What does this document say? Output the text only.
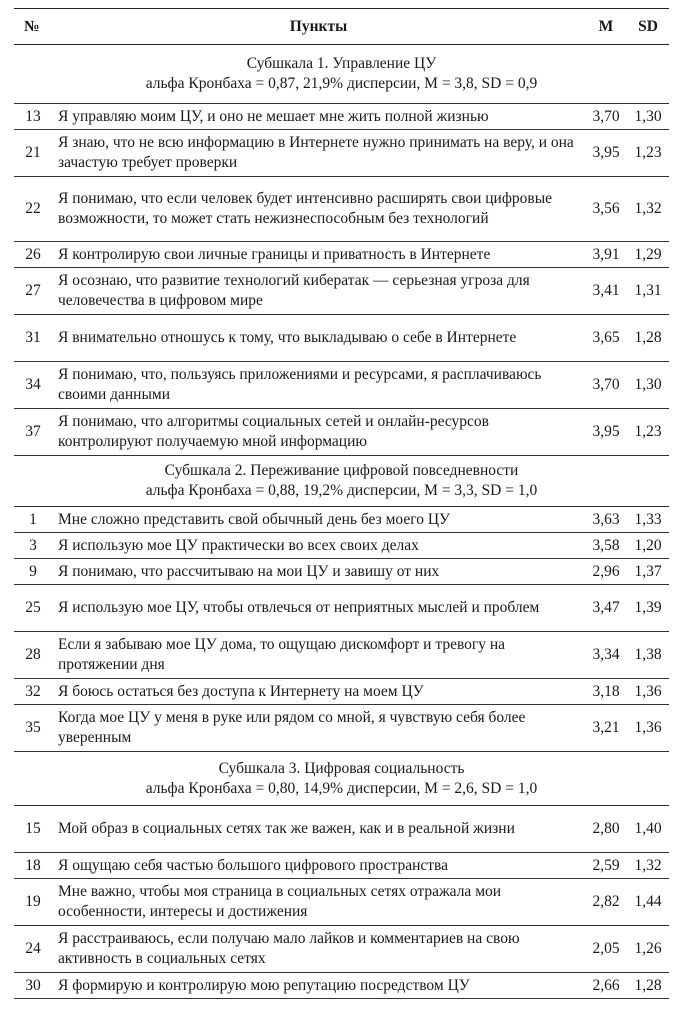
№	Пункты	M	SD

Субшкала 1. Управление ЦУ
альфа Кронбаха = 0,87, 21,9% дисперсии, M = 3,8, SD = 0,9			

13	Я управляю моим ЦУ, и оно не мешает мне жить полной жизнью	3,70	1,30
21	Я знаю, что не всю информацию в Интернете нужно принимать на веру, и она зачастую требует проверки	3,95	1,23
22	Я понимаю, что если человек будет интенсивно расширять свои цифровые возможности, то может стать нежизнеспособным без технологий	3,56	1,32
26	Я контролирую свои личные границы и приватность в Интернете	3,91	1,29
27	Я осознаю, что развитие технологий кибератак — серьезная угроза для человечества в цифровом мире	3,41	1,31
31	Я внимательно отношусь к тому, что выкладываю о себе в Интернете	3,65	1,28
34	Я понимаю, что, пользуясь приложениями и ресурсами, я расплачиваюсь своими данными	3,70	1,30
37	Я понимаю, что алгоритмы социальных сетей и онлайн-ресурсов контролируют получаемую мной информацию	3,95	1,23

Субшкала 2. Переживание цифровой повседневности
альфа Кронбаха = 0,88, 19,2% дисперсии, M = 3,3, SD = 1,0			

1	Мне сложно представить свой обычный день без моего ЦУ	3,63	1,33
3	Я использую мое ЦУ практически во всех своих делах	3,58	1,20
9	Я понимаю, что рассчитываю на мои ЦУ и завишу от них	2,96	1,37
25	Я использую мое ЦУ, чтобы отвлечься от неприятных мыслей и проблем	3,47	1,39
28	Если я забываю мое ЦУ дома, то ощущаю дискомфорт и тревогу на протяжении дня	3,34	1,38
32	Я боюсь остаться без доступа к Интернету на моем ЦУ	3,18	1,36
35	Когда мое ЦУ у меня в руке или рядом со мной, я чувствую себя более уверенным	3,21	1,36

Субшкала 3. Цифровая социальность
альфа Кронбаха = 0,80, 14,9% дисперсии, M = 2,6, SD = 1,0			

15	Мой образ в социальных сетях так же важен, как и в реальной жизни	2,80	1,40
18	Я ощущаю себя частью большого цифрового пространства	2,59	1,32
19	Мне важно, чтобы моя страница в социальных сетях отражала мои особенности, интересы и достижения	2,82	1,44
24	Я расстраиваюсь, если получаю мало лайков и комментариев на свою активность в социальных сетях	2,05	1,26
30	Я формирую и контролирую мою репутацию посредством ЦУ	2,66	1,28
